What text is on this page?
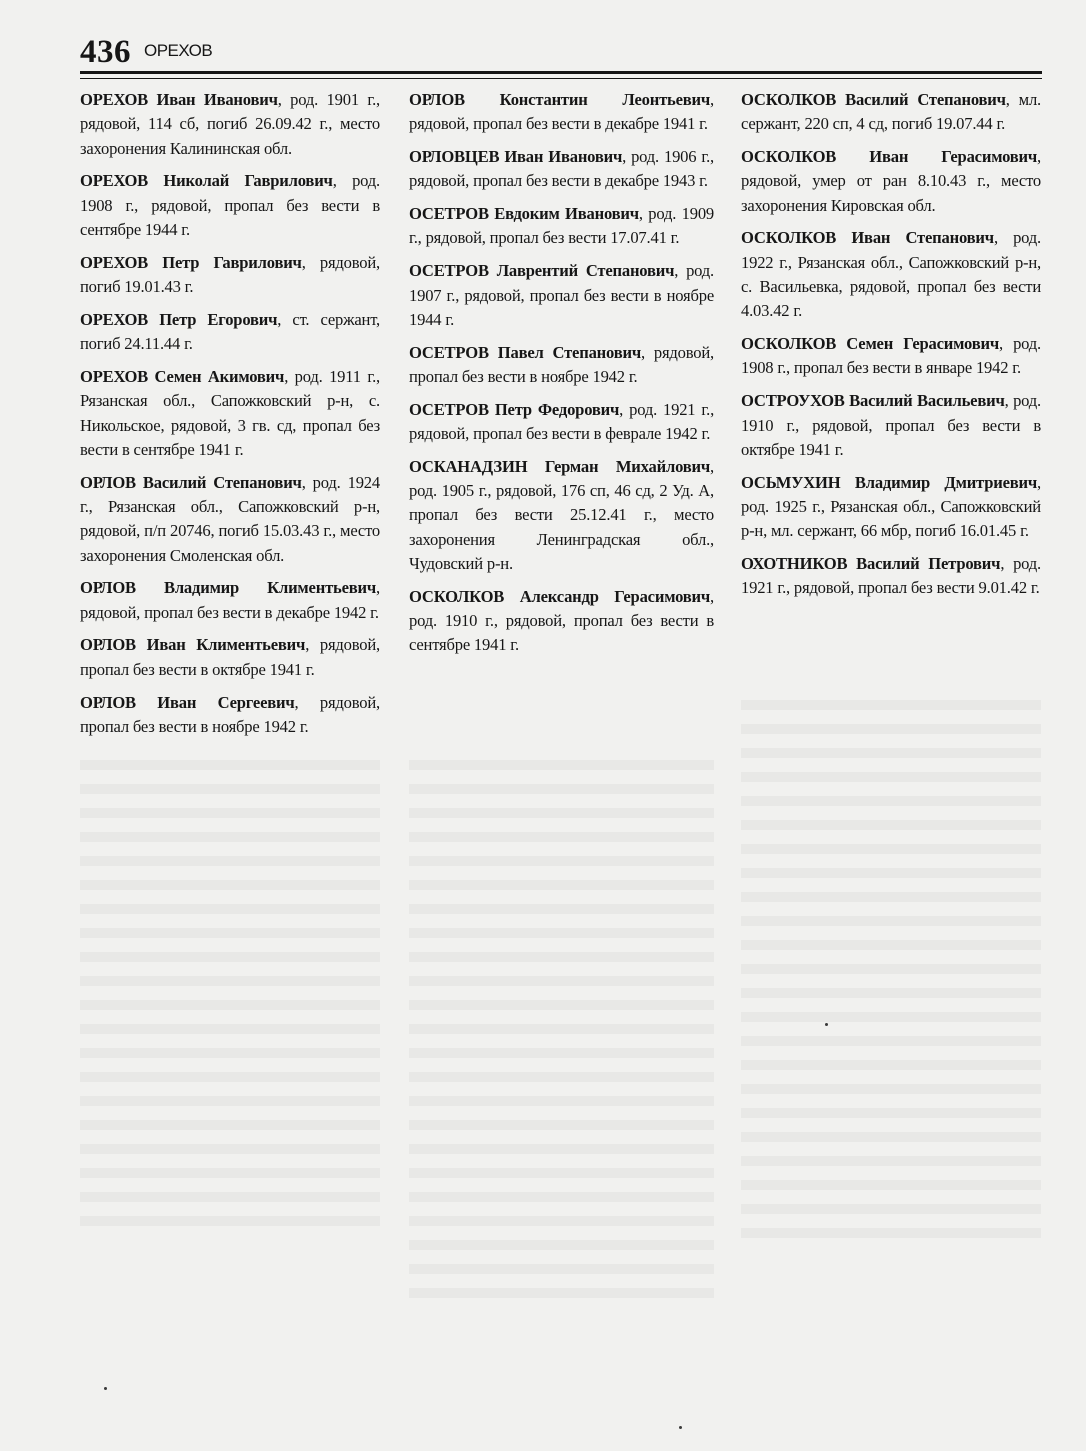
436 ОРЕХОВ

ОРЕХОВ Иван Иванович, род. 1901 г., рядовой, 114 сб, погиб 26.09.42 г., место захоронения Калининская обл.

ОРЕХОВ Николай Гаврилович, род. 1908 г., рядовой, пропал без вести в сентябре 1944 г.

ОРЕХОВ Петр Гаврилович, рядовой, погиб 19.01.43 г.

ОРЕХОВ Петр Егорович, ст. сержант, погиб 24.11.44 г.

ОРЕХОВ Семен Акимович, род. 1911 г., Рязанская обл., Сапожковский р-н, с. Никольское, рядовой, 3 гв. сд, пропал без вести в сентябре 1941 г.

ОРЛОВ Василий Степанович, род. 1924 г., Рязанская обл., Сапожковский р-н, рядовой, п/п 20746, погиб 15.03.43 г., место захоронения Смоленская обл.

ОРЛОВ Владимир Климентьевич, рядовой, пропал без вести в декабре 1942 г.

ОРЛОВ Иван Климентьевич, рядовой, пропал без вести в октябре 1941 г.

ОРЛОВ Иван Сергеевич, рядовой, пропал без вести в ноябре 1942 г.

ОРЛОВ Константин Леонтьевич, рядовой, пропал без вести в декабре 1941 г.

ОРЛОВЦЕВ Иван Иванович, род. 1906 г., рядовой, пропал без вести в декабре 1943 г.

ОСЕТРОВ Евдоким Иванович, род. 1909 г., рядовой, пропал без вести 17.07.41 г.

ОСЕТРОВ Лаврентий Степанович, род. 1907 г., рядовой, пропал без вести в ноябре 1944 г.

ОСЕТРОВ Павел Степанович, рядовой, пропал без вести в ноябре 1942 г.

ОСЕТРОВ Петр Федорович, род. 1921 г., рядовой, пропал без вести в феврале 1942 г.

ОСКАНАДЗИН Герман Михайлович, род. 1905 г., рядовой, 176 сп, 46 сд, 2 Уд. А, пропал без вести 25.12.41 г., место захоронения Ленинградская обл., Чудовский р-н.

ОСКОЛКОВ Александр Герасимович, род. 1910 г., рядовой, пропал без вести в сентябре 1941 г.

ОСКОЛКОВ Василий Степанович, мл. сержант, 220 сп, 4 сд, погиб 19.07.44 г.

ОСКОЛКОВ Иван Герасимович, рядовой, умер от ран 8.10.43 г., место захоронения Кировская обл.

ОСКОЛКОВ Иван Степанович, род. 1922 г., Рязанская обл., Сапожковский р-н, с. Васильевка, рядовой, пропал без вести 4.03.42 г.

ОСКОЛКОВ Семен Герасимович, род. 1908 г., пропал без вести в январе 1942 г.

ОСТРОУХОВ Василий Васильевич, род. 1910 г., рядовой, пропал без вести в октябре 1941 г.

ОСЬМУХИН Владимир Дмитриевич, род. 1925 г., Рязанская обл., Сапожковский р-н, мл. сержант, 66 мбр, погиб 16.01.45 г.

ОХОТНИКОВ Василий Петрович, род. 1921 г., рядовой, пропал без вести 9.01.42 г.
